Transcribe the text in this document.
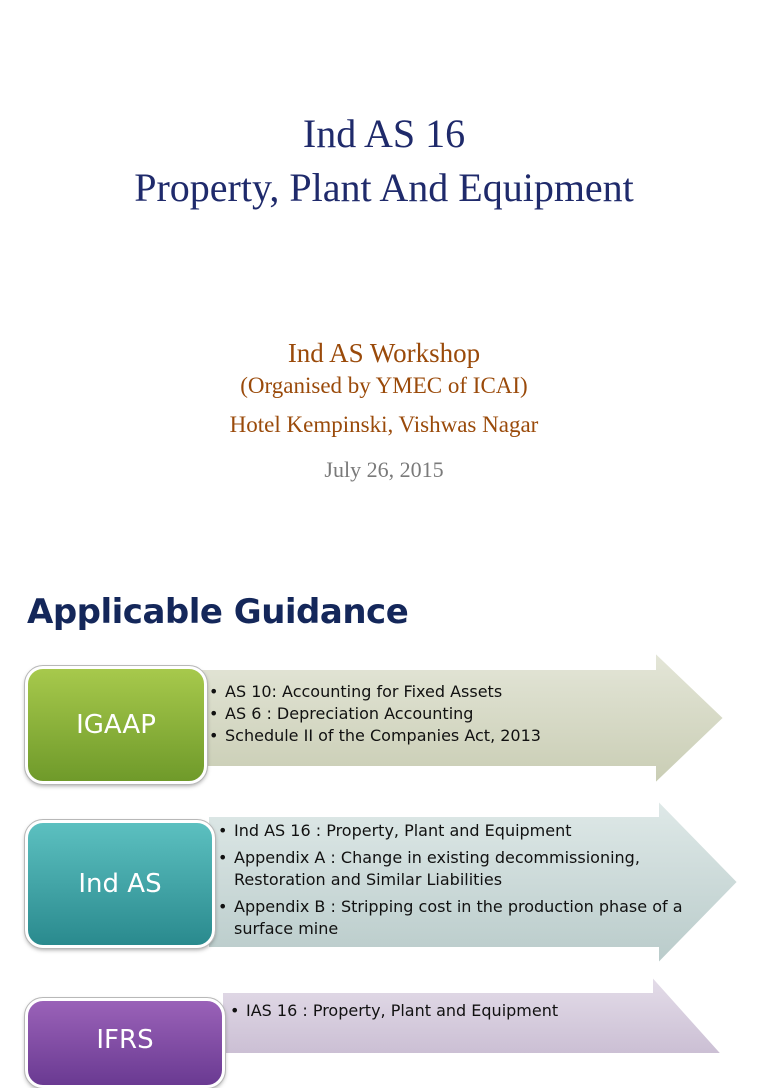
Ind AS 16
Property, Plant And Equipment
Ind AS Workshop
(Organised by YMEC of ICAI)
Hotel Kempinski, Vishwas Nagar
July 26, 2015
Applicable Guidance
IGAAP
• AS 10: Accounting for Fixed Assets
• AS 6 : Depreciation Accounting
• Schedule II of the Companies Act, 2013
Ind AS
• Ind AS 16 : Property, Plant and Equipment
• Appendix A : Change in existing decommissioning, Restoration and Similar Liabilities
• Appendix B : Stripping cost in the production phase of a surface mine
IFRS
• IAS 16 : Property, Plant and Equipment
